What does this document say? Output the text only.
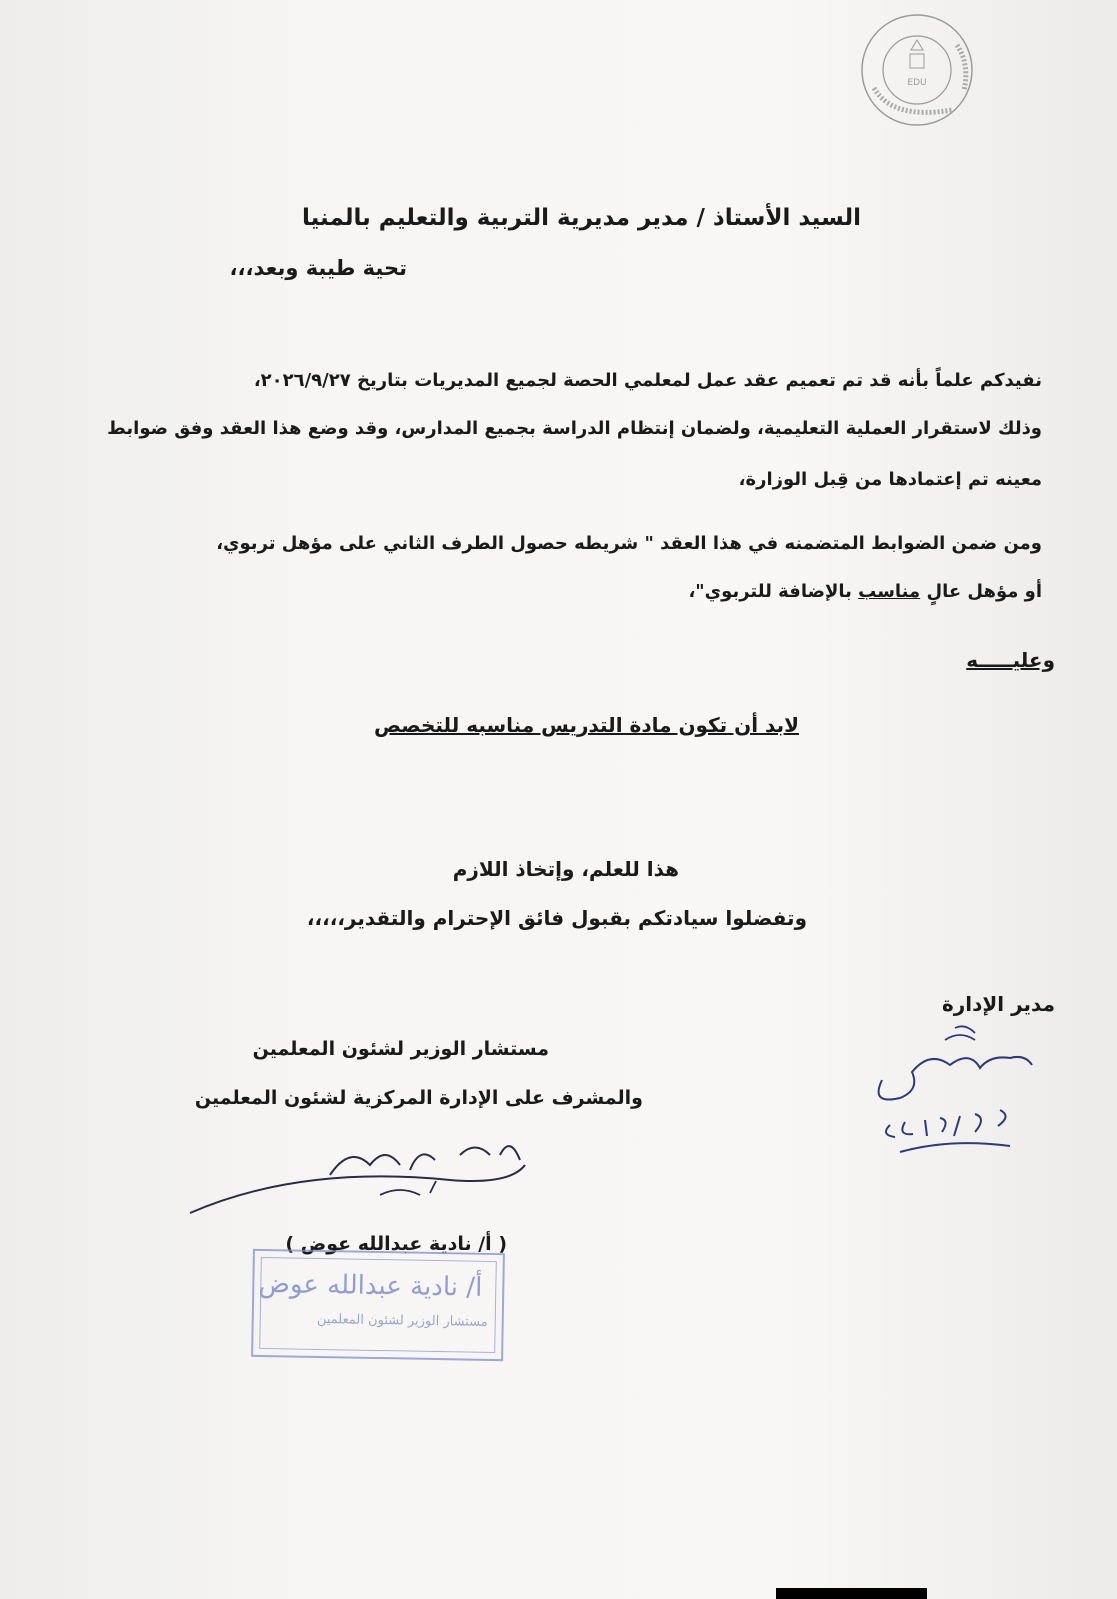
EDU
السيد الأستاذ / مدير مديرية التربية والتعليم بالمنيا
تحية طيبة وبعد،،،
نفيدكم علماً بأنه قد تم تعميم عقد عمل لمعلمي الحصة لجميع المديريات بتاريخ ٢٠٢٦/٩/٢٧،
وذلك لاستقرار العملية التعليمية، ولضمان إنتظام الدراسة بجميع المدارس، وقد وضع هذا العقد وفق ضوابط
معينه تم إعتمادها من قِبل الوزارة،
ومن ضمن الضوابط المتضمنه في هذا العقد " شريطه حصول الطرف الثاني على مؤهل تربوي،
أو مؤهل عالٍ مناسب بالإضافة للتربوي"،
وعليـــــه
لابد أن تكون مادة التدريس مناسبه للتخصص
هذا للعلم، وإتخاذ اللازم
وتفضلوا سيادتكم بقبول فائق الإحترام والتقدير،،،،،
مدير الإدارة
مستشار الوزير لشئون المعلمين
والمشرف على الإدارة المركزية لشئون المعلمين
( أ/ نادية عبدالله عوض )
أ/ نادية عبدالله عوض
مستشار الوزير لشئون المعلمين
